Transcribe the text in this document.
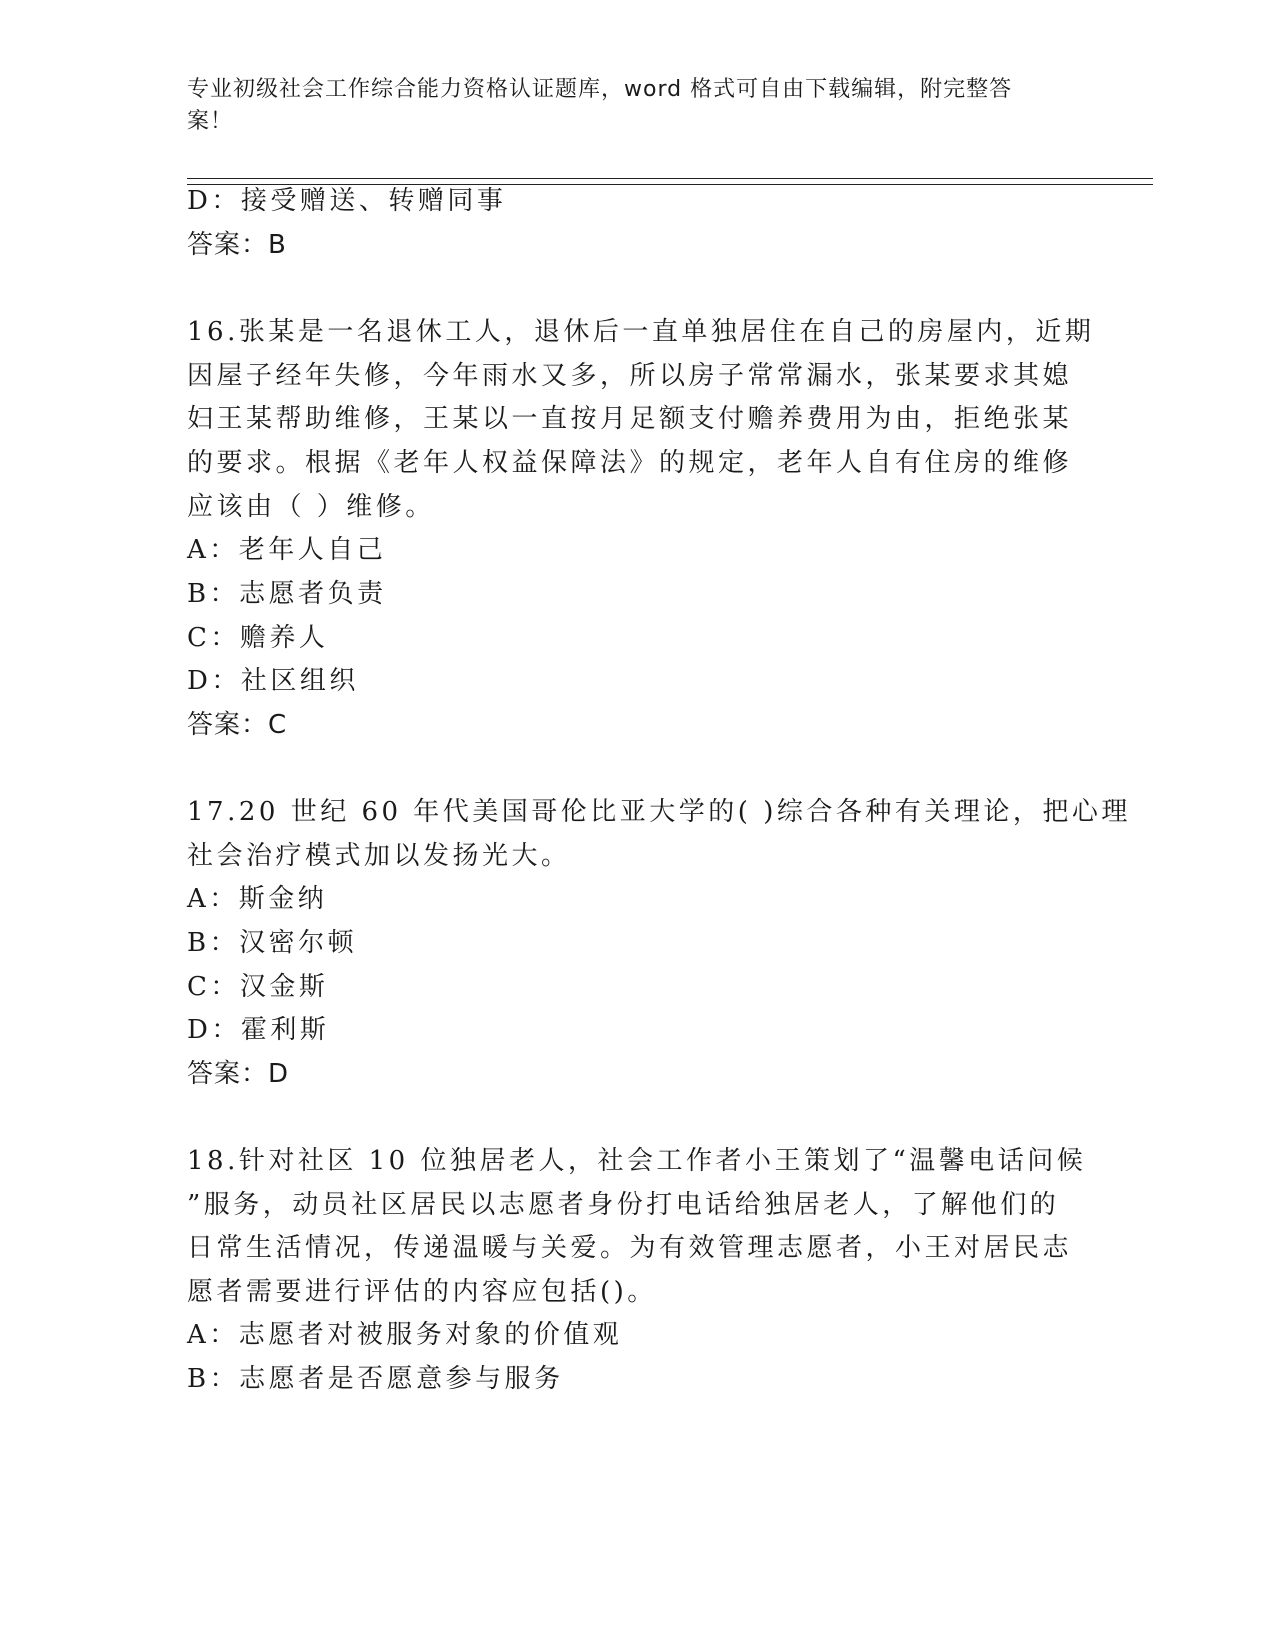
专业初级社会工作综合能力资格认证题库，word 格式可自由下载编辑，附完整答
案！
D：接受赠送、转赠同事
答案：B
16.张某是一名退休工人，退休后一直单独居住在自己的房屋内，近期
因屋子经年失修，今年雨水又多，所以房子常常漏水，张某要求其媳
妇王某帮助维修，王某以一直按月足额支付赡养费用为由，拒绝张某
的要求。根据《老年人权益保障法》的规定，老年人自有住房的维修
应该由（ ）维修。
A：老年人自己
B：志愿者负责
C：赡养人
D：社区组织
答案：C
17.20 世纪 60 年代美国哥伦比亚大学的( )综合各种有关理论，把心理
社会治疗模式加以发扬光大。
A：斯金纳
B：汉密尔顿
C：汉金斯
D：霍利斯
答案：D
18.针对社区 10 位独居老人，社会工作者小王策划了“温馨电话问候
”服务，动员社区居民以志愿者身份打电话给独居老人，了解他们的
日常生活情况，传递温暖与关爱。为有效管理志愿者，小王对居民志
愿者需要进行评估的内容应包括()。
A：志愿者对被服务对象的价值观
B：志愿者是否愿意参与服务
